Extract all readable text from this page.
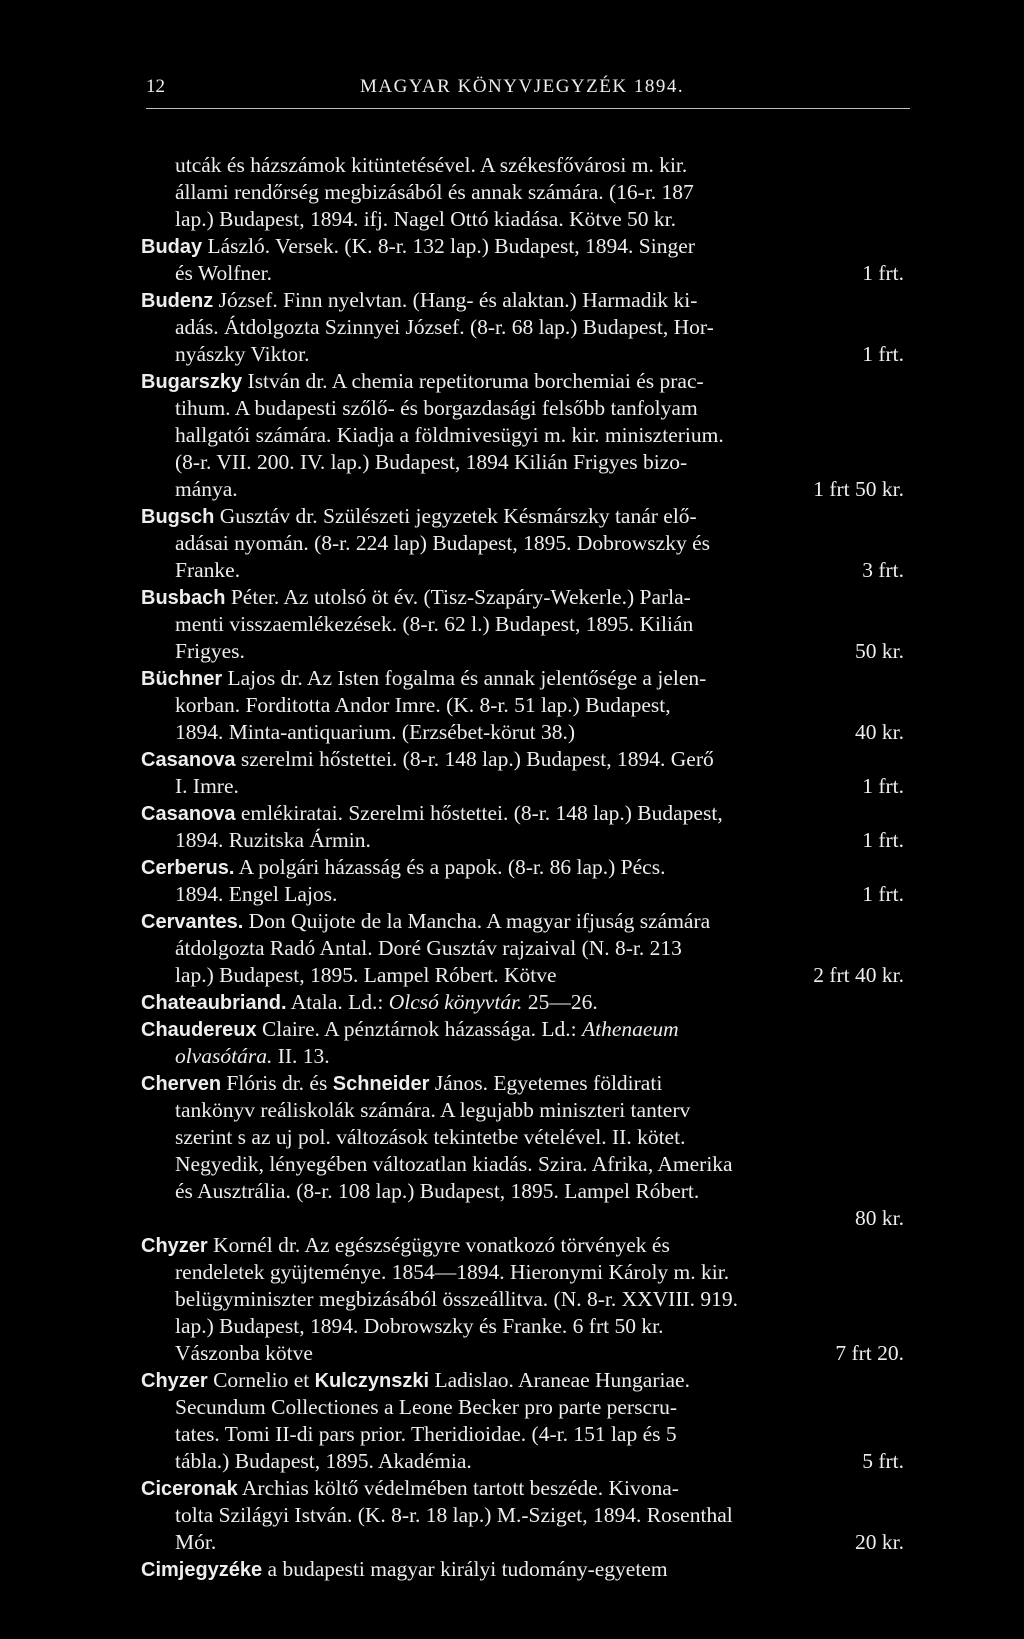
12	MAGYAR KÖNYVJEGYZÉK 1894.
utcák és házszámok kitüntetésével. A székesfővárosi m. kir.
állami rendőrség megbizásából és annak számára. (16-r. 187
lap.) Budapest, 1894. ifj. Nagel Ottó kiadása. Kötve 50 kr.
Buday László. Versek. (K. 8-r. 132 lap.) Budapest, 1894. Singer
és Wolfner.	1 frt.
Budenz József. Finn nyelvtan. (Hang- és alaktan.) Harmadik ki-
adás. Átdolgozta Szinnyei József. (8-r. 68 lap.) Budapest, Hor-
nyászky Viktor.	1 frt.
Bugarszky István dr. A chemia repetitoruma borchemiai és prac-
tihum. A budapesti szőlő- és borgazdasági felsőbb tanfolyam
hallgatói számára. Kiadja a földmivesügyi m. kir. miniszterium.
(8-r. VII. 200. IV. lap.) Budapest, 1894 Kilián Frigyes bizo-
mánya.	1 frt 50 kr.
Bugsch Gusztáv dr. Szülészeti jegyzetek Késmárszky tanár elő-
adásai nyomán. (8-r. 224 lap) Budapest, 1895. Dobrowszky és
Franke.	3 frt.
Busbach Péter. Az utolsó öt év. (Tisz-Szapáry-Wekerle.) Parla-
menti visszaemlékezések. (8-r. 62 l.) Budapest, 1895. Kilián
Frigyes.	50 kr.
Büchner Lajos dr. Az Isten fogalma és annak jelentősége a jelen-
korban. Forditotta Andor Imre. (K. 8-r. 51 lap.) Budapest,
1894. Minta-antiquarium. (Erzsébet-körut 38.)	40 kr.
Casanova szerelmi hőstettei. (8-r. 148 lap.) Budapest, 1894. Gerő
I. Imre.	1 frt.
Casanova emlékiratai. Szerelmi hőstettei. (8-r. 148 lap.) Budapest,
1894. Ruzitska Ármin.	1 frt.
Cerberus. A polgári házasság és a papok. (8-r. 86 lap.) Pécs.
1894. Engel Lajos.	1 frt.
Cervantes. Don Quijote de la Mancha. A magyar ifjuság számára
átdolgozta Radó Antal. Doré Gusztáv rajzaival (N. 8-r. 213
lap.) Budapest, 1895. Lampel Róbert. Kötve	2 frt 40 kr.
Chateaubriand. Atala. Ld.: Olcsó könyvtár. 25—26.
Chaudereux Claire. A pénztárnok házassága. Ld.: Athenaeum
olvasótára. II. 13.
Cherven Flóris dr. és Schneider János. Egyetemes földirati
tankönyv reáliskolák számára. A legujabb miniszteri tanterv
szerint s az uj pol. változások tekintetbe vételével. II. kötet.
Negyedik, lényegében változatlan kiadás. Szira. Afrika, Amerika
és Ausztrália. (8-r. 108 lap.) Budapest, 1895. Lampel Róbert.
80 kr.
Chyzer Kornél dr. Az egészségügyre vonatkozó törvények és
rendeletek gyüjteménye. 1854—1894. Hieronymi Károly m. kir.
belügyminiszter megbizásából összeállitva. (N. 8-r. XXVIII. 919.
lap.) Budapest, 1894. Dobrowszky és Franke. 6 frt 50 kr.
Vászonba kötve	7 frt 20.
Chyzer Cornelio et Kulczynszki Ladislao. Araneae Hungariae.
Secundum Collectiones a Leone Becker pro parte perscru-
tates. Tomi II-di pars prior. Theridioidae. (4-r. 151 lap és 5
tábla.) Budapest, 1895. Akadémia.	5 frt.
Ciceronak Archias költő védelmében tartott beszéde. Kivona-
tolta Szilágyi István. (K. 8-r. 18 lap.) M.-Sziget, 1894. Rosenthal
Mór.	20 kr.
Cimjegyzéke a budapesti magyar királyi tudomány-egyetem
